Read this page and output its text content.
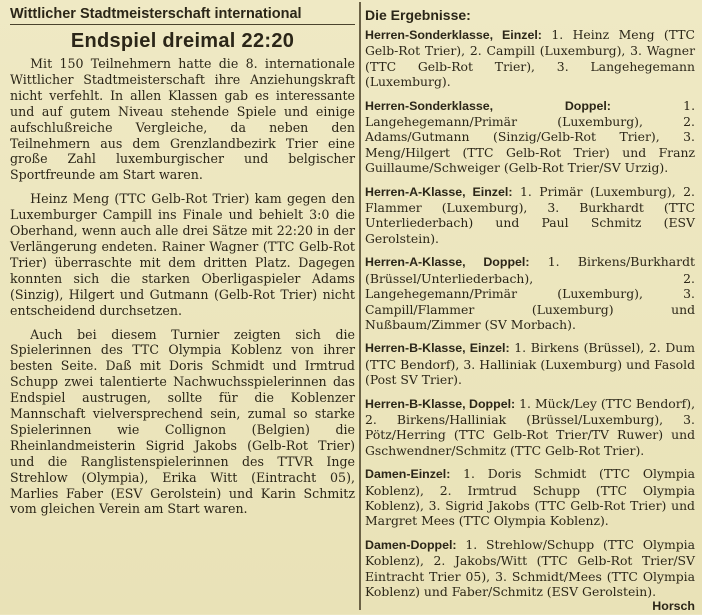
Wittlicher Stadtmeisterschaft international
Endspiel dreimal 22:20

Mit 150 Teilnehmern hatte die 8. internationale Wittlicher Stadtmeisterschaft ihre Anziehungskraft nicht verfehlt. In allen Klassen gab es interessante und auf gutem Niveau stehende Spiele und einige aufschlußreiche Vergleiche, da neben den Teilnehmern aus dem Grenzlandbezirk Trier eine große Zahl luxemburgischer und belgischer Sportfreunde am Start waren.

Heinz Meng (TTC Gelb-Rot Trier) kam gegen den Luxemburger Campill ins Finale und behielt 3:0 die Oberhand, wenn auch alle drei Sätze mit 22:20 in der Verlängerung endeten. Rainer Wagner (TTC Gelb-Rot Trier) überraschte mit dem dritten Platz. Dagegen konnten sich die starken Oberligaspieler Adams (Sinzig), Hilgert und Gutmann (Gelb-Rot Trier) nicht entscheidend durchsetzen.

Auch bei diesem Turnier zeigten sich die Spielerinnen des TTC Olympia Koblenz von ihrer besten Seite. Daß mit Doris Schmidt und Irmtrud Schupp zwei talentierte Nachwuchsspielerinnen das Endspiel austrugen, sollte für die Koblenzer Mannschaft vielversprechend sein, zumal so starke Spielerinnen wie Collignon (Belgien) die Rheinlandmeisterin Sigrid Jakobs (Gelb-Rot Trier) und die Ranglistenspielerinnen des TTVR Inge Strehlow (Olympia), Erika Witt (Eintracht 05), Marlies Faber (ESV Gerolstein) und Karin Schmitz vom gleichen Verein am Start waren.

Die Ergebnisse:

Herren-Sonderklasse, Einzel: 1. Heinz Meng (TTC Gelb-Rot Trier), 2. Campill (Luxemburg), 3. Wagner (TTC Gelb-Rot Trier), 3. Langehegemann (Luxemburg).

Herren-Sonderklasse, Doppel: 1. Langehegemann/Primär (Luxemburg), 2. Adams/Gutmann (Sinzig/Gelb-Rot Trier), 3. Meng/Hilgert (TTC Gelb-Rot Trier) und Franz Guillaume/Schweiger (Gelb-Rot Trier/SV Urzig).

Herren-A-Klasse, Einzel: 1. Primär (Luxemburg), 2. Flammer (Luxemburg), 3. Burkhardt (TTC Unterliederbach) und Paul Schmitz (ESV Gerolstein).

Herren-A-Klasse, Doppel: 1. Birkens/Burkhardt (Brüssel/Unterliederbach), 2. Langehegemann/Primär (Luxemburg), 3. Campill/Flammer (Luxemburg) und Nußbaum/Zimmer (SV Morbach).

Herren-B-Klasse, Einzel: 1. Birkens (Brüssel), 2. Dum (TTC Bendorf), 3. Halliniak (Luxemburg) und Fasold (Post SV Trier).

Herren-B-Klasse, Doppel: 1. Mück/Ley (TTC Bendorf), 2. Birkens/Halliniak (Brüssel/Luxemburg), 3. Pötz/Herring (TTC Gelb-Rot Trier/TV Ruwer) und Gschwendner/Schmitz (TTC Gelb-Rot Trier).

Damen-Einzel: 1. Doris Schmidt (TTC Olympia Koblenz), 2. Irmtrud Schupp (TTC Olympia Koblenz), 3. Sigrid Jakobs (TTC Gelb-Rot Trier) und Margret Mees (TTC Olympia Koblenz).

Damen-Doppel: 1. Strehlow/Schupp (TTC Olympia Koblenz), 2. Jakobs/Witt (TTC Gelb-Rot Trier/SV Eintracht Trier 05), 3. Schmidt/Mees (TTC Olympia Koblenz) und Faber/Schmitz (ESV Gerolstein).
Horsch
